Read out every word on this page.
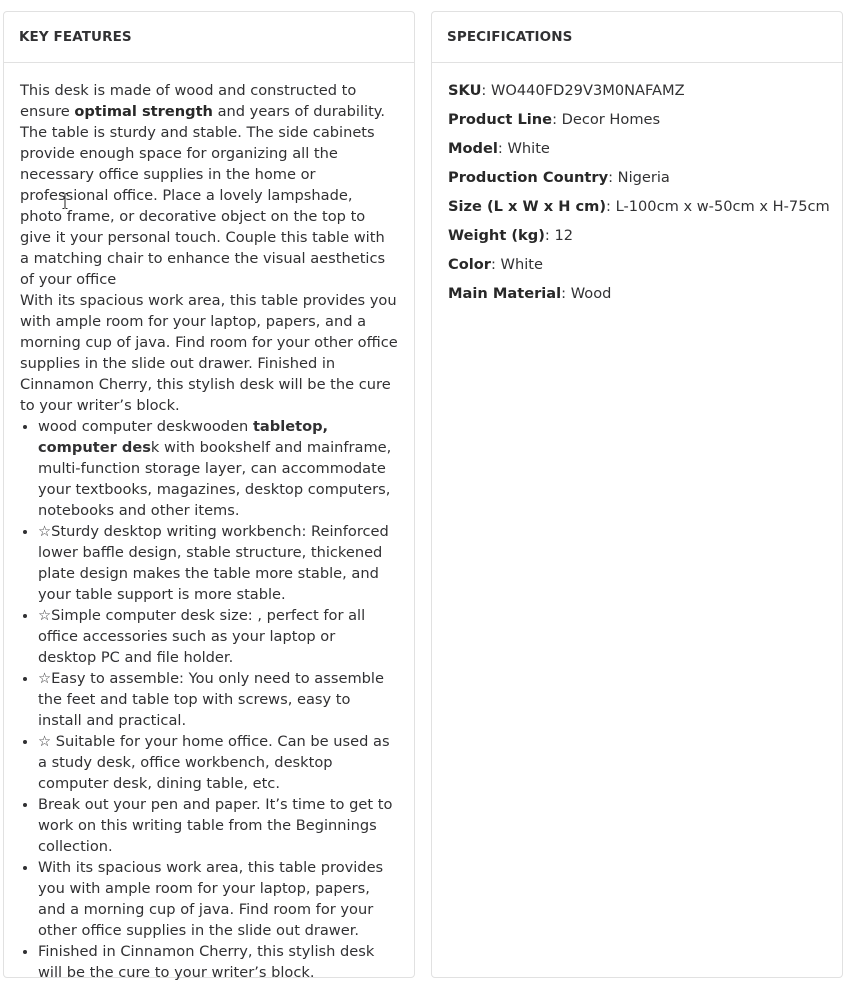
KEY FEATURES

This desk is made of wood and constructed to ensure optimal strength and years of durability. The table is sturdy and stable. The side cabinets provide enough space for organizing all the necessary office supplies in the home or professional office. Place a lovely lampshade, photo frame, or decorative object on the top to give it your personal touch. Couple this table with a matching chair to enhance the visual aesthetics of your office

With its spacious work area, this table provides you with ample room for your laptop, papers, and a morning cup of java. Find room for your other office supplies in the slide out drawer. Finished in Cinnamon Cherry, this stylish desk will be the cure to your writer’s block.

• wood computer deskwooden tabletop, computer desk with bookshelf and mainframe, multi-function storage layer, can accommodate your textbooks, magazines, desktop computers, notebooks and other items.
• ☆Sturdy desktop writing workbench: Reinforced lower baffle design, stable structure, thickened plate design makes the table more stable, and your table support is more stable.
• ☆Simple computer desk size: , perfect for all office accessories such as your laptop or desktop PC and file holder.
• ☆Easy to assemble: You only need to assemble the feet and table top with screws, easy to install and practical.
• ☆ Suitable for your home office. Can be used as a study desk, office workbench, desktop computer desk, dining table, etc.
• Break out your pen and paper. It’s time to get to work on this writing table from the Beginnings collection.
• With its spacious work area, this table provides you with ample room for your laptop, papers, and a morning cup of java. Find room for your other office supplies in the slide out drawer.
• Finished in Cinnamon Cherry, this stylish desk will be the cure to your writer’s block.
SPECIFICATIONS
SKU: WO440FD29V3M0NAFAMZ
Product Line: Decor Homes
Model: White
Production Country: Nigeria
Size (L x W x H cm): L-100cm x w-50cm x H-75cm
Weight (kg): 12
Color: White
Main Material: Wood
